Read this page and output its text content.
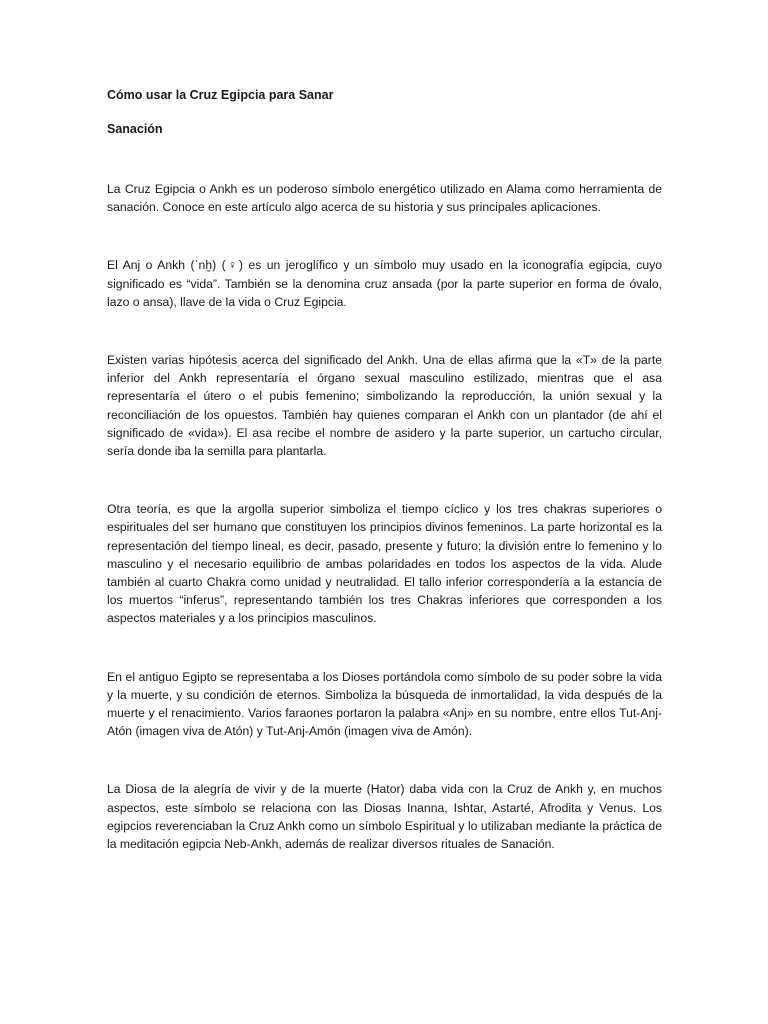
Cómo usar la Cruz Egipcia para Sanar

Sanación

La Cruz Egipcia o Ankh es un poderoso símbolo energético utilizado en Alama como herramienta de sanación. Conoce en este artículo algo acerca de su historia y sus principales aplicaciones.

El Anj o Ankh (ʿnḫ) (♀) es un jeroglífico y un símbolo muy usado en la iconografía egipcia, cuyo significado es “vida”. También se la denomina cruz ansada (por la parte superior en forma de óvalo, lazo o ansa), llave de la vida o Cruz Egipcia.

Existen varias hipótesis acerca del significado del Ankh. Una de ellas afirma que la «T» de la parte inferior del Ankh representaría el órgano sexual masculino estilizado, mientras que el asa representaría el útero o el pubis femenino; simbolizando la reproducción, la unión sexual y la reconciliación de los opuestos. También hay quienes comparan el Ankh con un plantador (de ahí el significado de «vida»). El asa recibe el nombre de asidero y la parte superior, un cartucho circular, sería donde iba la semilla para plantarla.

Otra teoría, es que la argolla superior simboliza el tiempo cíclico y los tres chakras superiores o espirituales del ser humano que constituyen los principios divinos femeninos. La parte horizontal es la representación del tiempo lineal, es decir, pasado, presente y futuro; la división entre lo femenino y lo masculino y el necesario equilibrio de ambas polaridades en todos los aspectos de la vida. Alude también al cuarto Chakra como unidad y neutralidad. El tallo inferior correspondería a la estancia de los muertos “inferus”, representando también los tres Chakras inferiores que corresponden a los aspectos materiales y a los principios masculinos.

En el antiguo Egipto se representaba a los Dioses portándola como símbolo de su poder sobre la vida y la muerte, y su condición de eternos. Simboliza la búsqueda de inmortalidad, la vida después de la muerte y el renacimiento. Varios faraones portaron la palabra «Anj» en su nombre, entre ellos Tut-Anj-Atón (imagen viva de Atón) y Tut-Anj-Amón (imagen viva de Amón).

La Diosa de la alegría de vivir y de la muerte (Hator) daba vida con la Cruz de Ankh y, en muchos aspectos, este símbolo se relaciona con las Diosas Inanna, Ishtar, Astarté, Afrodita y Venus. Los egipcios reverenciaban la Cruz Ankh como un símbolo Espiritual y lo utilizaban mediante la práctica de la meditación egipcia Neb-Ankh, además de realizar diversos rituales de Sanación.
